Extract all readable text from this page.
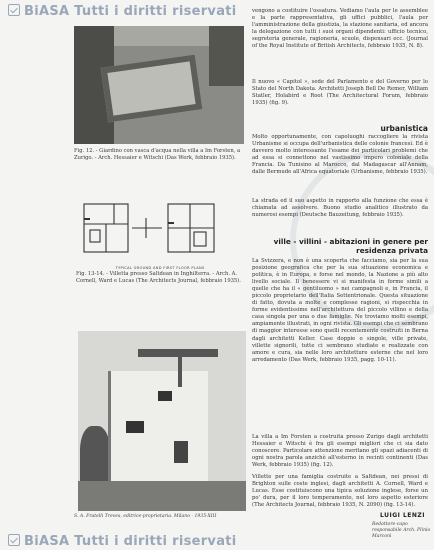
BiASA Tutti i diritti riservati
Fig. 12. - Giardino con vasca d'acqua nella villa a Im Forsten, a Zurigo. - Arch. Hessaier e Witschi (Das Werk, febbraio 1935).
TYPICAL GROUND AND FIRST FLOOR PLANS
Fig. 13-14. - Villetta presso Saltdean in Inghilterra. - Arch. A. Cornell, Ward e Lucas (The Architects Journal, febbraio 1935).
vengono a costituire l'ossatura. Vediamo l'aula per le assemblee e la parte rappresentativa, gli uffici pubblici, l'aula per l'amministrazione della giustizia, la stazione sanitaria, ed ancora la delegazione con tutti i suoi organi dipendenti: ufficio tecnico, segreteria generale, ragioneria, scuole, dispensari ecc. (Journal of the Royal Institute of British Architects, febbraio 1935, N. 8).
Il nuovo « Capitol », sede del Parlamento e del Governo per lo Stato del North Dakota. Architetti Joseph Bell De Remer, William Statler, Holabird e Root (The Architectural Forum, febbraio 1935) (fig. 9).
urbanistica
Molto opportunamente, con capoluoghi raccogliere la rivista Urbanisme si occupa dell'urbanistica delle colonie francesi. Ed è davvero molto interessante l'esame dei particolari problemi che ad essa si connettono nel vastissimo impero coloniale della Francia. Da Tunisino al Marocco, dal Madagascar all'Annam, dalle Bermude all'Africa equatoriale (Urbanisme, febbraio 1935).
La strada ed il suo aspetto in rapporto alla funzione che essa è chiamata ad assolvere. Buono studio analitico illustrato da numerosi esempi (Deutsche Bauzeitung, febbraio 1935).
ville - villini - abitazioni in genere per residenza privata
La Svizzera, e non è una scoperta che facciamo, sia per la sua posizione geografica che per la sua situazione economica e politica, è in Europa, e forse nel mondo, la Nazione a più alto livello sociale. Il benessere vi si manifesta in forme simili a quelle che ha il « gentiluomo » nei campagnoli e, in Francia, il piccolo proprietario dell'Italia Settentrionale. Questa situazione di fatto, dovuta a molte e complesse ragioni, si rispecchia in forme evidentissime nell'architettura del piccolo villino e della casa singola per una o due famiglie. Ne troviamo molti esempi, ampiamente illustrati, in ogni rivista. Gli esempi che ci sembrano di maggior interesse sono quelli recentemente costruiti in Berna dagli architetti Keller. Case doppie o singole, ville private, villette signorili, tutte ci sembrano studiate e realizzate con amore e cura, sia nelle loro architetture esterne che nel loro arredamento (Das Werk, febbraio 1935, pagg. 10-11).
La villa a Im Forsten a costruita presso Zurigo dagli architetti Hessaier e Witschi è fra gli esempi migliori che ci sia dato conoscere. Particolare attenzione meritano gli spazi adiacenti di ogni nostra parola anzichè all'esterno in recinti continenti (Das Werk, febbraio 1935) (fig. 12).
Villette per una famiglia costruite a Saltdean, nei pressi di Brighton sulle coste inglesi, dagli architetti A. Cornell, Ward e Lucas. Esse costituiscono una tipica soluzione inglese, forse un po' dura, per il loro temperamento, nel loro aspetto esteriore (The Architects Journal, febbraio 1935, N. 2090) (fig. 13-14).
LUIGI LENZI
S. A. Fratelli Treves, editrice-proprietaria. Milano - 1935-XIII
Redattore-capo responsabile Arch. Plinio Marconi
BiASA Tutti i diritti riservati
